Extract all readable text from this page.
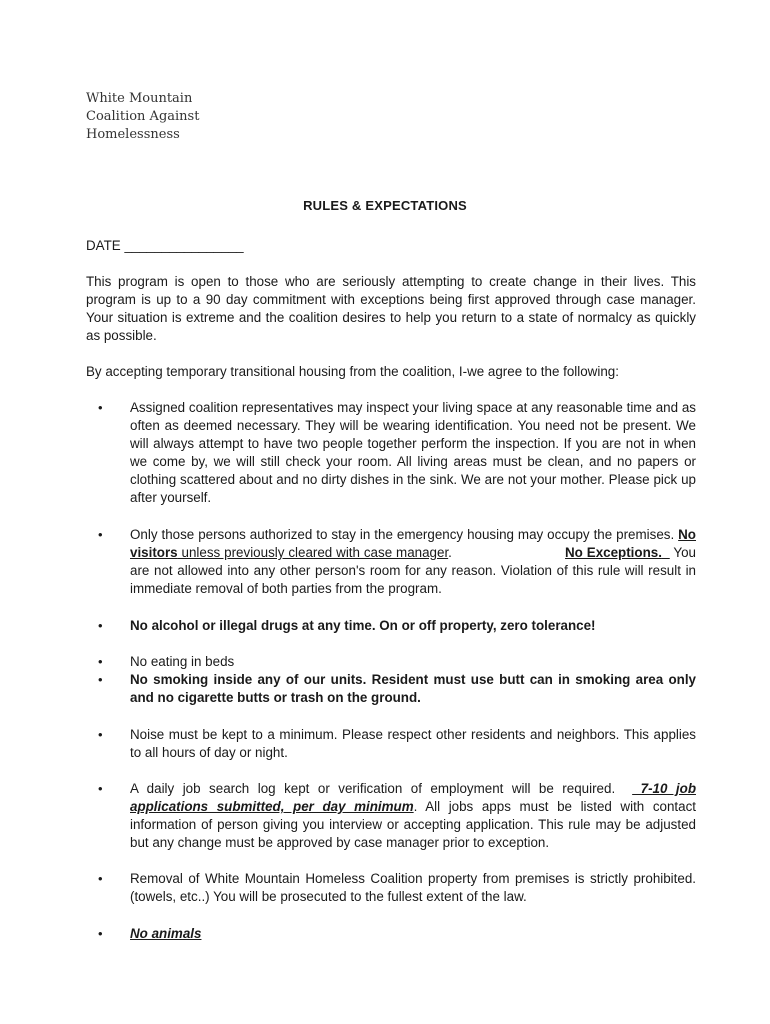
White Mountain
Coalition Against
Homelessness
RULES & EXPECTATIONS
DATE ________________
This program is open to those who are seriously attempting to create change in their lives. This program is up to a 90 day commitment with exceptions being first approved through case manager. Your situation is extreme and the coalition desires to help you return to a state of normalcy as quickly as possible.
By accepting temporary transitional housing from the coalition, I-we agree to the following:
• Assigned coalition representatives may inspect your living space at any reasonable time and as often as deemed necessary. They will be wearing identification. You need not be present. We will always attempt to have two people together perform the inspection. If you are not in when we come by, we will still check your room. All living areas must be clean, and no papers or clothing scattered about and no dirty dishes in the sink. We are not your mother. Please pick up after yourself.
• Only those persons authorized to stay in the emergency housing may occupy the premises. No visitors unless previously cleared with case manager.	No Exceptions.   You are not allowed into any other person's room for any reason. Violation of this rule will result in immediate removal of both parties from the program.
• No alcohol or illegal drugs at any time. On or off property, zero tolerance!
• No eating in beds
• No smoking inside any of our units. Resident must use butt can in smoking area only and no cigarette butts or trash on the ground.
• Noise must be kept to a minimum. Please respect other residents and neighbors. This applies to all hours of day or night.
• A daily job search log kept or verification of employment will be required.   7-10 job applications submitted, per day minimum. All jobs apps must be listed with contact information of person giving you interview or accepting application. This rule may be adjusted but any change must be approved by case manager prior to exception.
• Removal of White Mountain Homeless Coalition property from premises is strictly prohibited.(towels, etc..) You will be prosecuted to the fullest extent of the law.
• No animals
